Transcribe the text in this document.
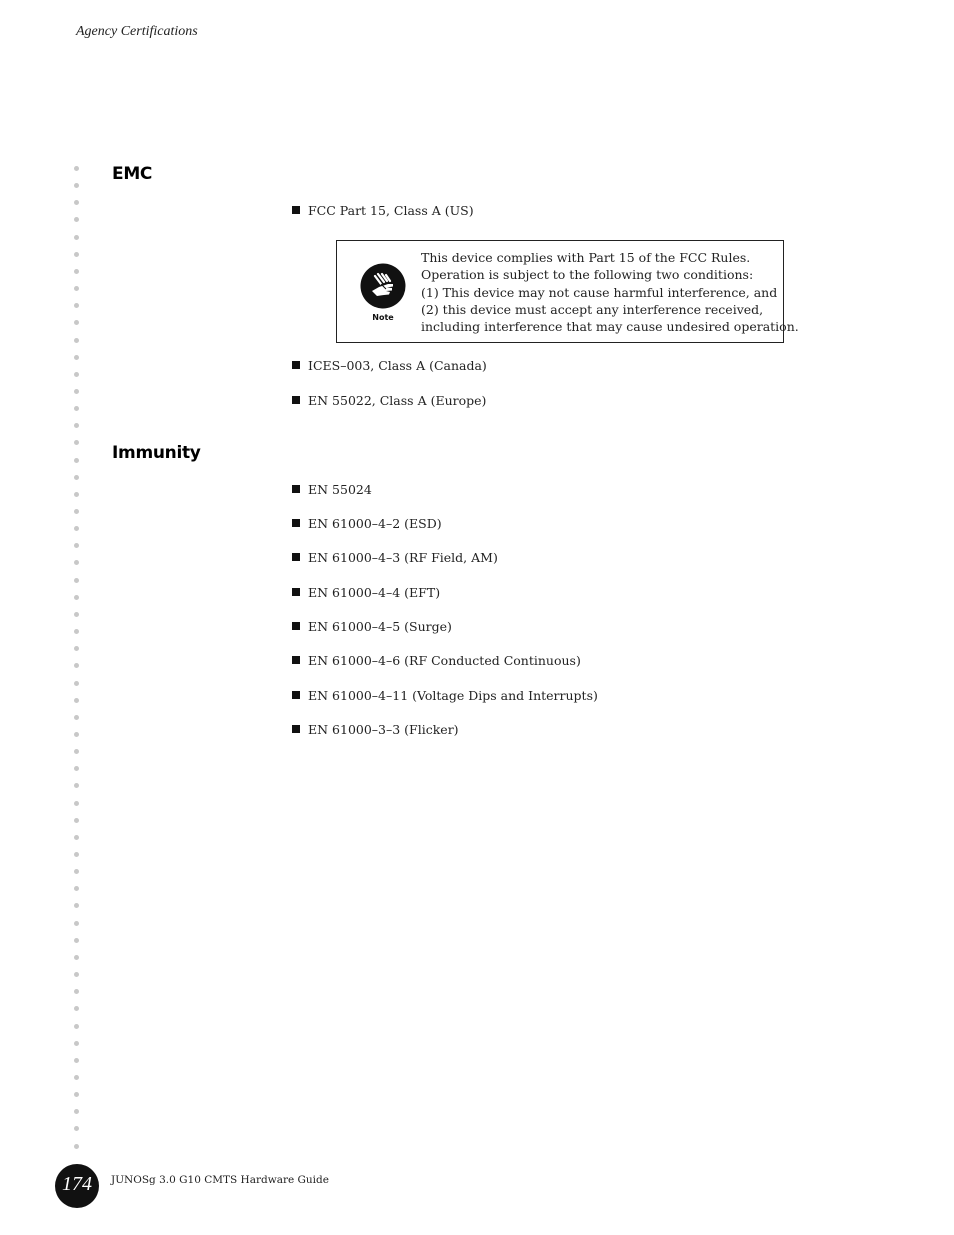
Agency Certifications
EMC
FCC Part 15, Class A (US)
Note
This device complies with Part 15 of the FCC Rules.
Operation is subject to the following two conditions:
(1) This device may not cause harmful interference, and
(2) this device must accept any interference received,
including interference that may cause undesired operation.
ICES–003, Class A (Canada)
EN 55022, Class A (Europe)
Immunity
EN 55024
EN 61000–4–2 (ESD)
EN 61000–4–3 (RF Field, AM)
EN 61000–4–4 (EFT)
EN 61000–4–5 (Surge)
EN 61000–4–6 (RF Conducted Continuous)
EN 61000–4–11 (Voltage Dips and Interrupts)
EN 61000–3–3 (Flicker)
174	JUNOSg 3.0 G10 CMTS Hardware Guide
